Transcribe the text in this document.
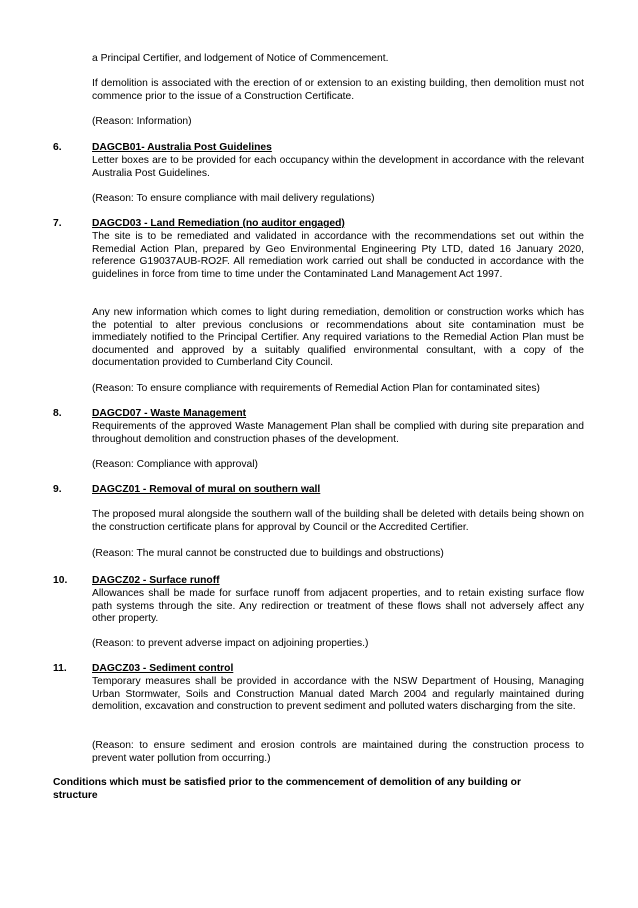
a Principal Certifier, and lodgement of Notice of Commencement.

If demolition is associated with the erection of or extension to an existing building, then demolition must not commence prior to the issue of a Construction Certificate.

(Reason: Information)

6.	DAGCB01- Australia Post Guidelines

Letter boxes are to be provided for each occupancy within the development in accordance with the relevant Australia Post Guidelines.

(Reason: To ensure compliance with mail delivery regulations)

7.	DAGCD03 - Land Remediation (no auditor engaged)

The site is to be remediated and validated in accordance with the recommendations set out within the Remedial Action Plan, prepared by Geo Environmental Engineering Pty LTD, dated 16 January 2020, reference G19037AUB-RO2F. All remediation work carried out shall be conducted in accordance with the guidelines in force from time to time under the Contaminated Land Management Act 1997.

Any new information which comes to light during remediation, demolition or construction works which has the potential to alter previous conclusions or recommendations about site contamination must be immediately notified to the Principal Certifier. Any required variations to the Remedial Action Plan must be documented and approved by a suitably qualified environmental consultant, with a copy of the documentation provided to Cumberland City Council.

(Reason: To ensure compliance with requirements of Remedial Action Plan for contaminated sites)

8.	DAGCD07 - Waste Management

Requirements of the approved Waste Management Plan shall be complied with during site preparation and throughout demolition and construction phases of the development.

(Reason: Compliance with approval)

9.	DAGCZ01 - Removal of mural on southern wall

The proposed mural alongside the southern wall of the building shall be deleted with details being shown on the construction certificate plans for approval by Council or the Accredited Certifier.

(Reason: The mural cannot be constructed due to buildings and obstructions)

10. DAGCZ02 - Surface runoff

Allowances shall be made for surface runoff from adjacent properties, and to retain existing surface flow path systems through the site. Any redirection or treatment of these flows shall not adversely affect any other property.

(Reason: to prevent adverse impact on adjoining properties.)

11. DAGCZ03 - Sediment control

Temporary measures shall be provided in accordance with the NSW Department of Housing, Managing Urban Stormwater, Soils and Construction Manual dated March 2004 and regularly maintained during demolition, excavation and construction to prevent sediment and polluted waters discharging from the site.

(Reason: to ensure sediment and erosion controls are maintained during the construction process to prevent water pollution from occurring.)

Conditions which must be satisfied prior to the commencement of demolition of any building or structure
